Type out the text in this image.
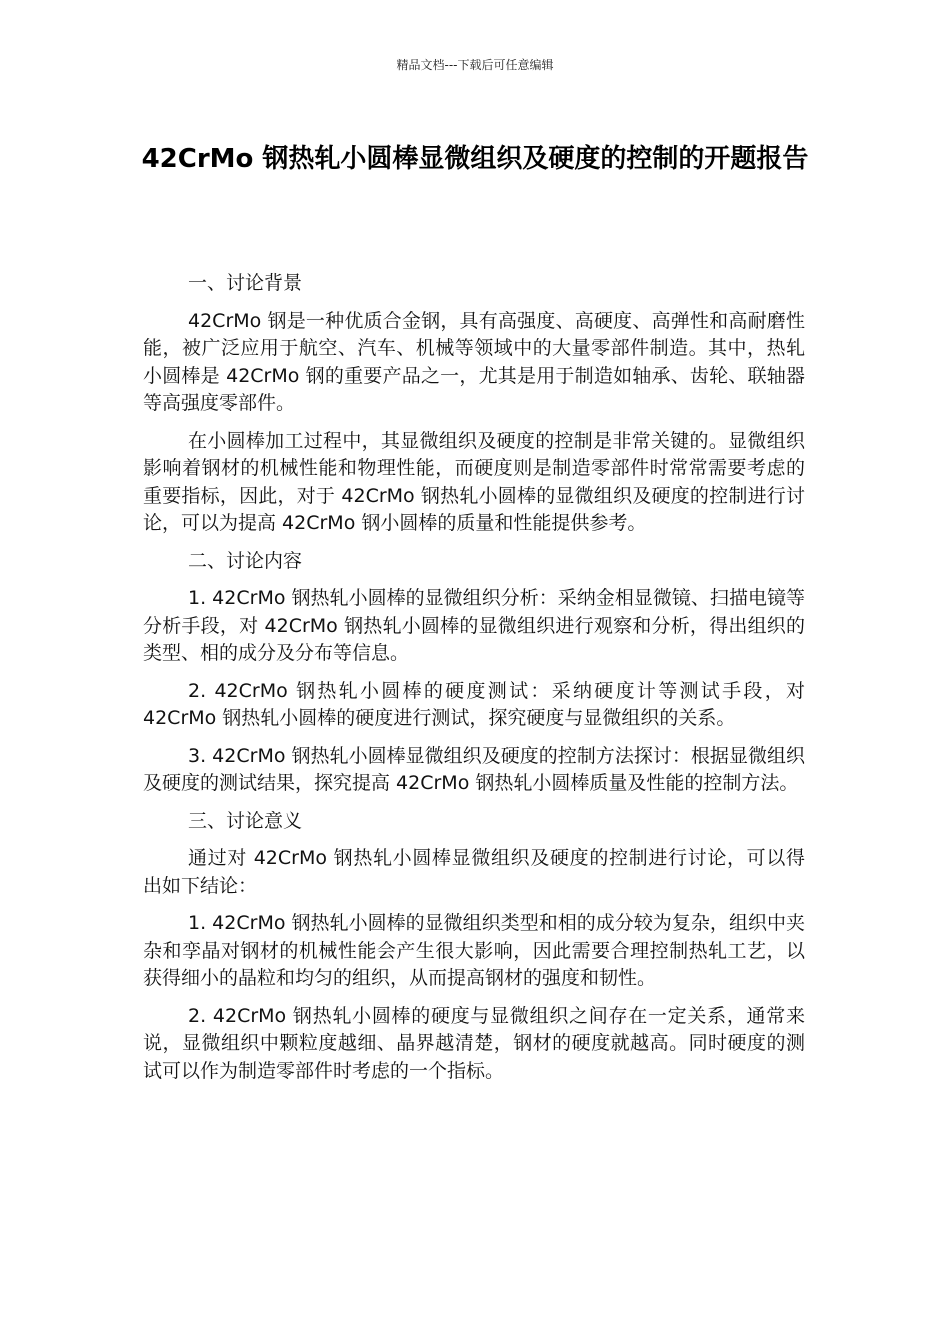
精品文档---下载后可任意编辑
42CrMo 钢热轧小圆棒显微组织及硬度的控制的开题报告

一、讨论背景

42CrMo 钢是一种优质合金钢，具有高强度、高硬度、高弹性和高耐磨性能，被广泛应用于航空、汽车、机械等领域中的大量零部件制造。其中，热轧小圆棒是 42CrMo 钢的重要产品之一，尤其是用于制造如轴承、齿轮、联轴器等高强度零部件。

在小圆棒加工过程中，其显微组织及硬度的控制是非常关键的。显微组织影响着钢材的机械性能和物理性能，而硬度则是制造零部件时常常需要考虑的重要指标，因此，对于 42CrMo 钢热轧小圆棒的显微组织及硬度的控制进行讨论，可以为提高 42CrMo 钢小圆棒的质量和性能提供参考。

二、讨论内容

1. 42CrMo 钢热轧小圆棒的显微组织分析：采纳金相显微镜、扫描电镜等分析手段，对 42CrMo 钢热轧小圆棒的显微组织进行观察和分析，得出组织的类型、相的成分及分布等信息。

2. 42CrMo 钢热轧小圆棒的硬度测试：采纳硬度计等测试手段，对 42CrMo 钢热轧小圆棒的硬度进行测试，探究硬度与显微组织的关系。

3. 42CrMo 钢热轧小圆棒显微组织及硬度的控制方法探讨：根据显微组织及硬度的测试结果，探究提高 42CrMo 钢热轧小圆棒质量及性能的控制方法。

三、讨论意义

通过对 42CrMo 钢热轧小圆棒显微组织及硬度的控制进行讨论，可以得出如下结论：

1. 42CrMo 钢热轧小圆棒的显微组织类型和相的成分较为复杂，组织中夹杂和孪晶对钢材的机械性能会产生很大影响，因此需要合理控制热轧工艺，以获得细小的晶粒和均匀的组织，从而提高钢材的强度和韧性。

2. 42CrMo 钢热轧小圆棒的硬度与显微组织之间存在一定关系，通常来说，显微组织中颗粒度越细、晶界越清楚，钢材的硬度就越高。同时硬度的测试可以作为制造零部件时考虑的一个指标。
